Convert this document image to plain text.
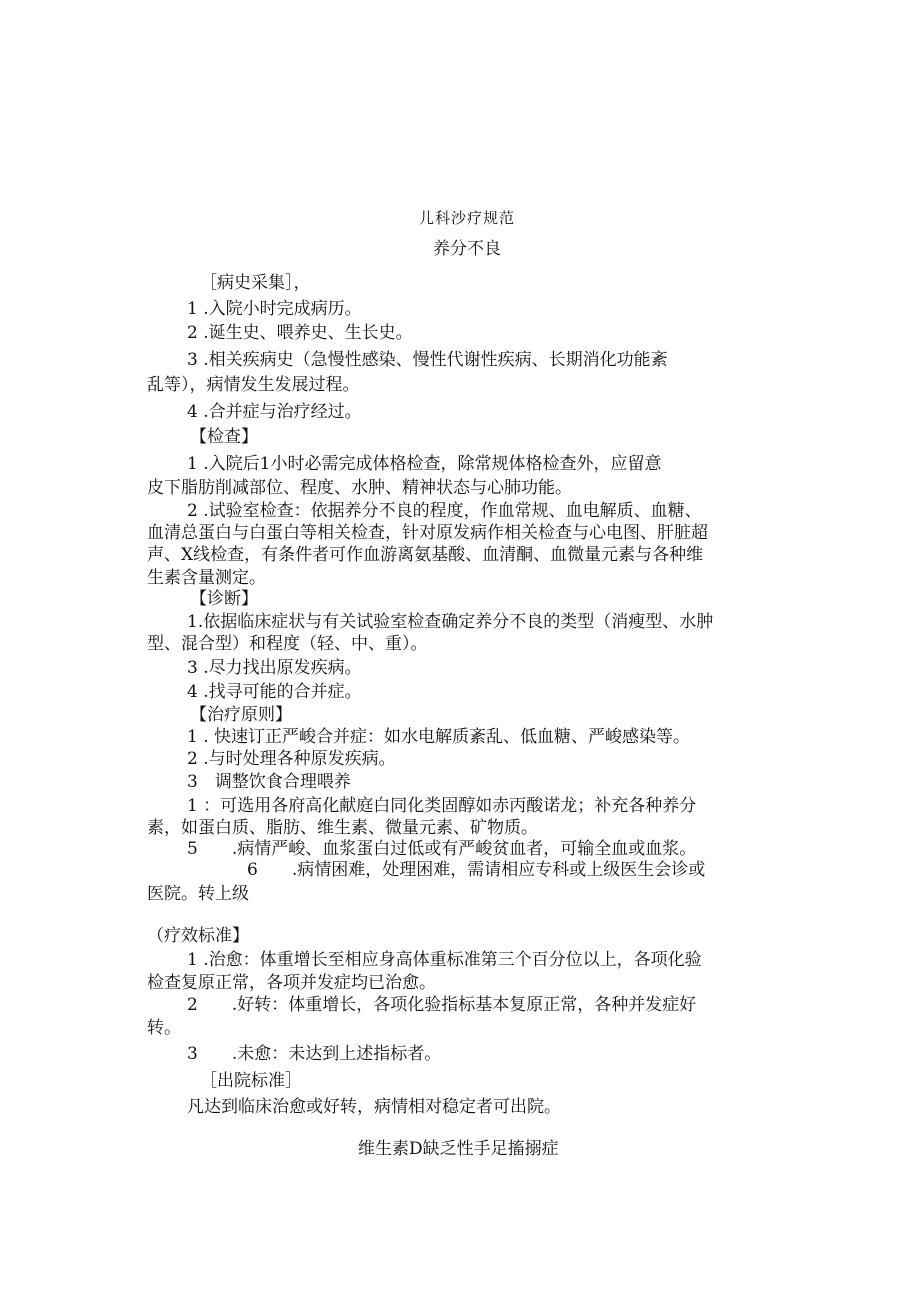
儿科沙疗规范
养分不良
［病史采集］，
1 .入院小时完成病历。
2 .诞生史、喂养史、生长史。
3 .相关疾病史（急慢性感染、慢性代谢性疾病、长期消化功能紊
乱等），病情发生发展过程。
4 .合并症与治疗经过。
【检查】
1 .入院后1小时必需完成体格检查，除常规体格检查外，应留意
皮下脂肪削减部位、程度、水肿、精神状态与心肺功能。
2 .试验室检查：依据养分不良的程度，作血常规、血电解质、血糖、
血清总蛋白与白蛋白等相关检查，针对原发病作相关检查与心电图、肝脏超
声、X线检查，有条件者可作血游离氨基酸、血清酮、血微量元素与各种维
生素含量测定。
【诊断】
1.依据临床症状与有关试验室检查确定养分不良的类型（消瘦型、水肿
型、混合型）和程度（轻、中、重）。
3 .尽力找出原发疾病。
4 .找寻可能的合并症。
【治疗原则】
1 . 快速订正严峻合并症：如水电解质紊乱、低血糖、严峻感染等。
2 .与时处理各种原发疾病。
3　调整饮食合理喂养
1 ：可选用各府高化献庭白同化类固醇如赤丙酸诺龙；补充各种养分
素，如蛋白质、脂肪、维生素、微量元素、矿物质。
5　　.病情严峻、血浆蛋白过低或有严峻贫血者，可输全血或血浆。
6　　.病情困难，处理困难，需请相应专科或上级医生会诊或
医院。转上级
（疗效标准】
1 .治愈：体重增长至相应身高体重标准第三个百分位以上，各项化验
检查复原正常，各项并发症均已治愈。
2　　.好转：体重增长，各项化验指标基本复原正常，各种并发症好
转。
3　　.未愈：未达到上述指标者。
［出院标准］
凡达到临床治愈或好转，病情相对稳定者可出院。
维生素D缺乏性手足搐搦症
